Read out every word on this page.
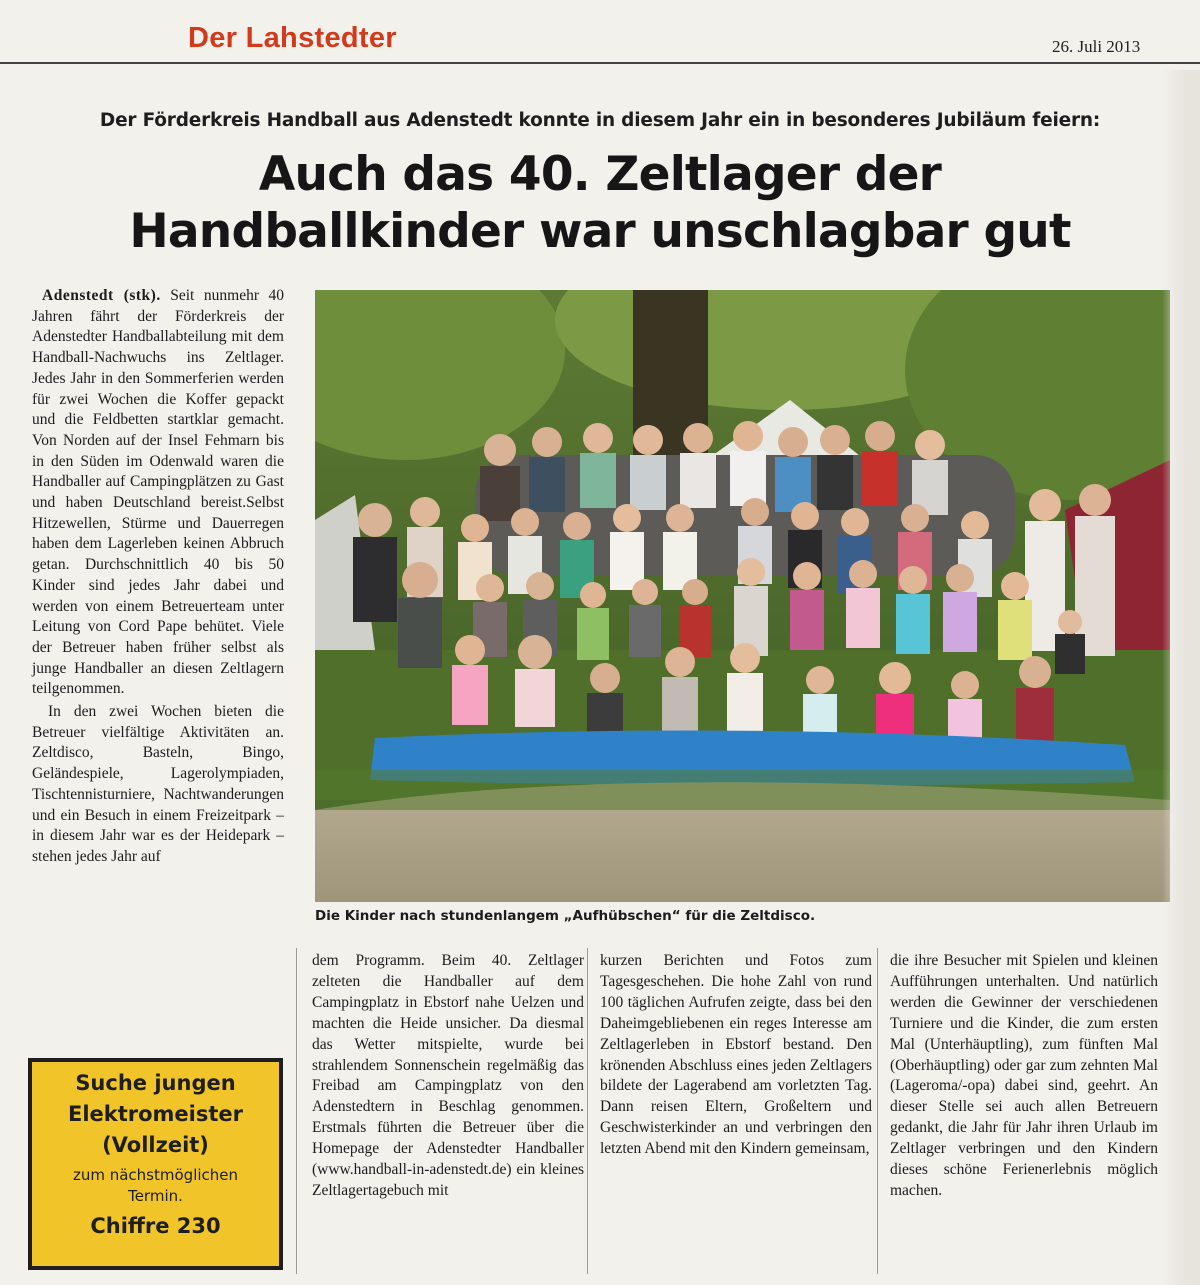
Der Lahstedter	26. Juli 2013
Der Förderkreis Handball aus Adenstedt konnte in diesem Jahr ein in besonderes Jubiläum feiern:
Auch das 40. Zeltlager der
Handballkinder war unschlagbar gut

Adenstedt (stk). Seit nunmehr 40 Jahren fährt der Förderkreis der Adenstedter Handballabteilung mit dem Handball-Nachwuchs ins Zeltlager. Jedes Jahr in den Sommerferien werden für zwei Wochen die Koffer gepackt und die Feldbetten startklar gemacht. Von Norden auf der Insel Fehmarn bis in den Süden im Odenwald waren die Handballer auf Campingplätzen zu Gast und haben Deutschland bereist.Selbst Hitzewellen, Stürme und Dauerregen haben dem Lagerleben keinen Abbruch getan. Durchschnittlich 40 bis 50 Kinder sind jedes Jahr dabei und werden von einem Betreuerteam unter Leitung von Cord Pape behütet. Viele der Betreuer haben früher selbst als junge Handballer an diesen Zeltlagern teilgenommen.

In den zwei Wochen bieten die Betreuer vielfältige Aktivitäten an. Zeltdisco, Basteln, Bingo, Geländespiele, Lagerolympiaden, Tischtennisturniere, Nachtwanderungen und ein Besuch in einem Freizeitpark – in diesem Jahr war es der Heidepark – stehen jedes Jahr auf

Die Kinder nach stundenlangem „Aufhübschen“ für die Zeltdisco.
dem Programm. Beim 40. Zeltlager zelteten die Handballer auf dem Campingplatz in Ebstorf nahe Uelzen und machten die Heide unsicher. Da diesmal das Wetter mitspielte, wurde bei strahlendem Sonnenschein regelmäßig das Freibad am Campingplatz von den Adenstedtern in Beschlag genommen. Erstmals führten die Betreuer über die Homepage der Adenstedter Handballer (www.handball-in-adenstedt.de) ein kleines Zeltlagertagebuch mit
kurzen Berichten und Fotos zum Tagesgeschehen. Die hohe Zahl von rund 100 täglichen Aufrufen zeigte, dass bei den Daheimgebliebenen ein reges Interesse am Zeltlagerleben in Ebstorf bestand. Den krönenden Abschluss eines jeden Zeltlagers bildete der Lagerabend am vorletzten Tag. Dann reisen Eltern, Großeltern und Geschwisterkinder an und verbringen den letzten Abend mit den Kindern gemeinsam,
die ihre Besucher mit Spielen und kleinen Aufführungen unterhalten. Und natürlich werden die Gewinner der verschiedenen Turniere und die Kinder, die zum ersten Mal (Unterhäuptling), zum fünften Mal (Oberhäuptling) oder gar zum zehnten Mal (Lageroma/-opa) dabei sind, geehrt. An dieser Stelle sei auch allen Betreuern gedankt, die Jahr für Jahr ihren Urlaub im Zeltlager verbringen und den Kindern dieses schöne Ferienerlebnis möglich machen.
Suche jungen
Elektromeister
(Vollzeit)
zum nächstmöglichen
Termin.
Chiffre 230
